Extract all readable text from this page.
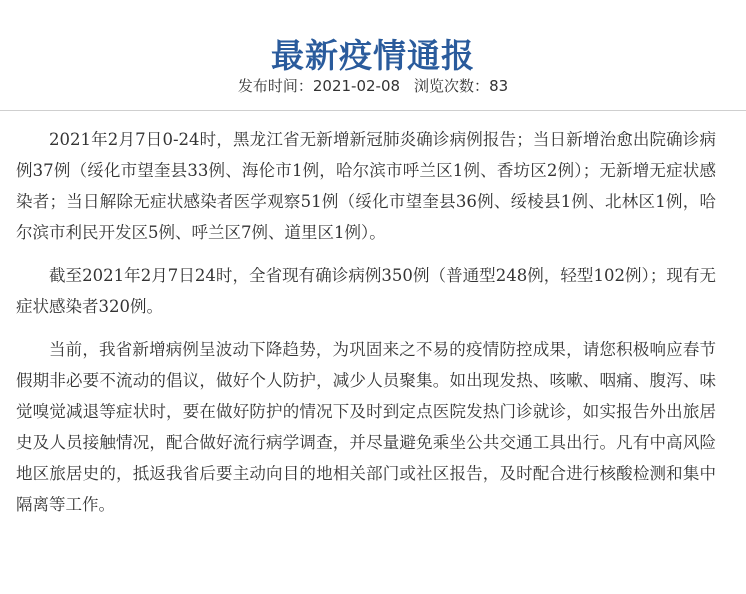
最新疫情通报
发布时间：2021-02-08 浏览次数：83

2021年2月7日0-24时，黑龙江省无新增新冠肺炎确诊病例报告；当日新增治愈出院确诊病例37例（绥化市望奎县33例、海伦市1例，哈尔滨市呼兰区1例、香坊区2例）；无新增无症状感染者；当日解除无症状感染者医学观察51例（绥化市望奎县36例、绥棱县1例、北林区1例，哈尔滨市利民开发区5例、呼兰区7例、道里区1例）。

截至2021年2月7日24时，全省现有确诊病例350例（普通型248例，轻型102例）；现有无症状感染者320例。

当前，我省新增病例呈波动下降趋势，为巩固来之不易的疫情防控成果，请您积极响应春节假期非必要不流动的倡议，做好个人防护，减少人员聚集。如出现发热、咳嗽、咽痛、腹泻、味觉嗅觉减退等症状时，要在做好防护的情况下及时到定点医院发热门诊就诊，如实报告外出旅居史及人员接触情况，配合做好流行病学调查，并尽量避免乘坐公共交通工具出行。凡有中高风险地区旅居史的，抵返我省后要主动向目的地相关部门或社区报告，及时配合进行核酸检测和集中隔离等工作。
